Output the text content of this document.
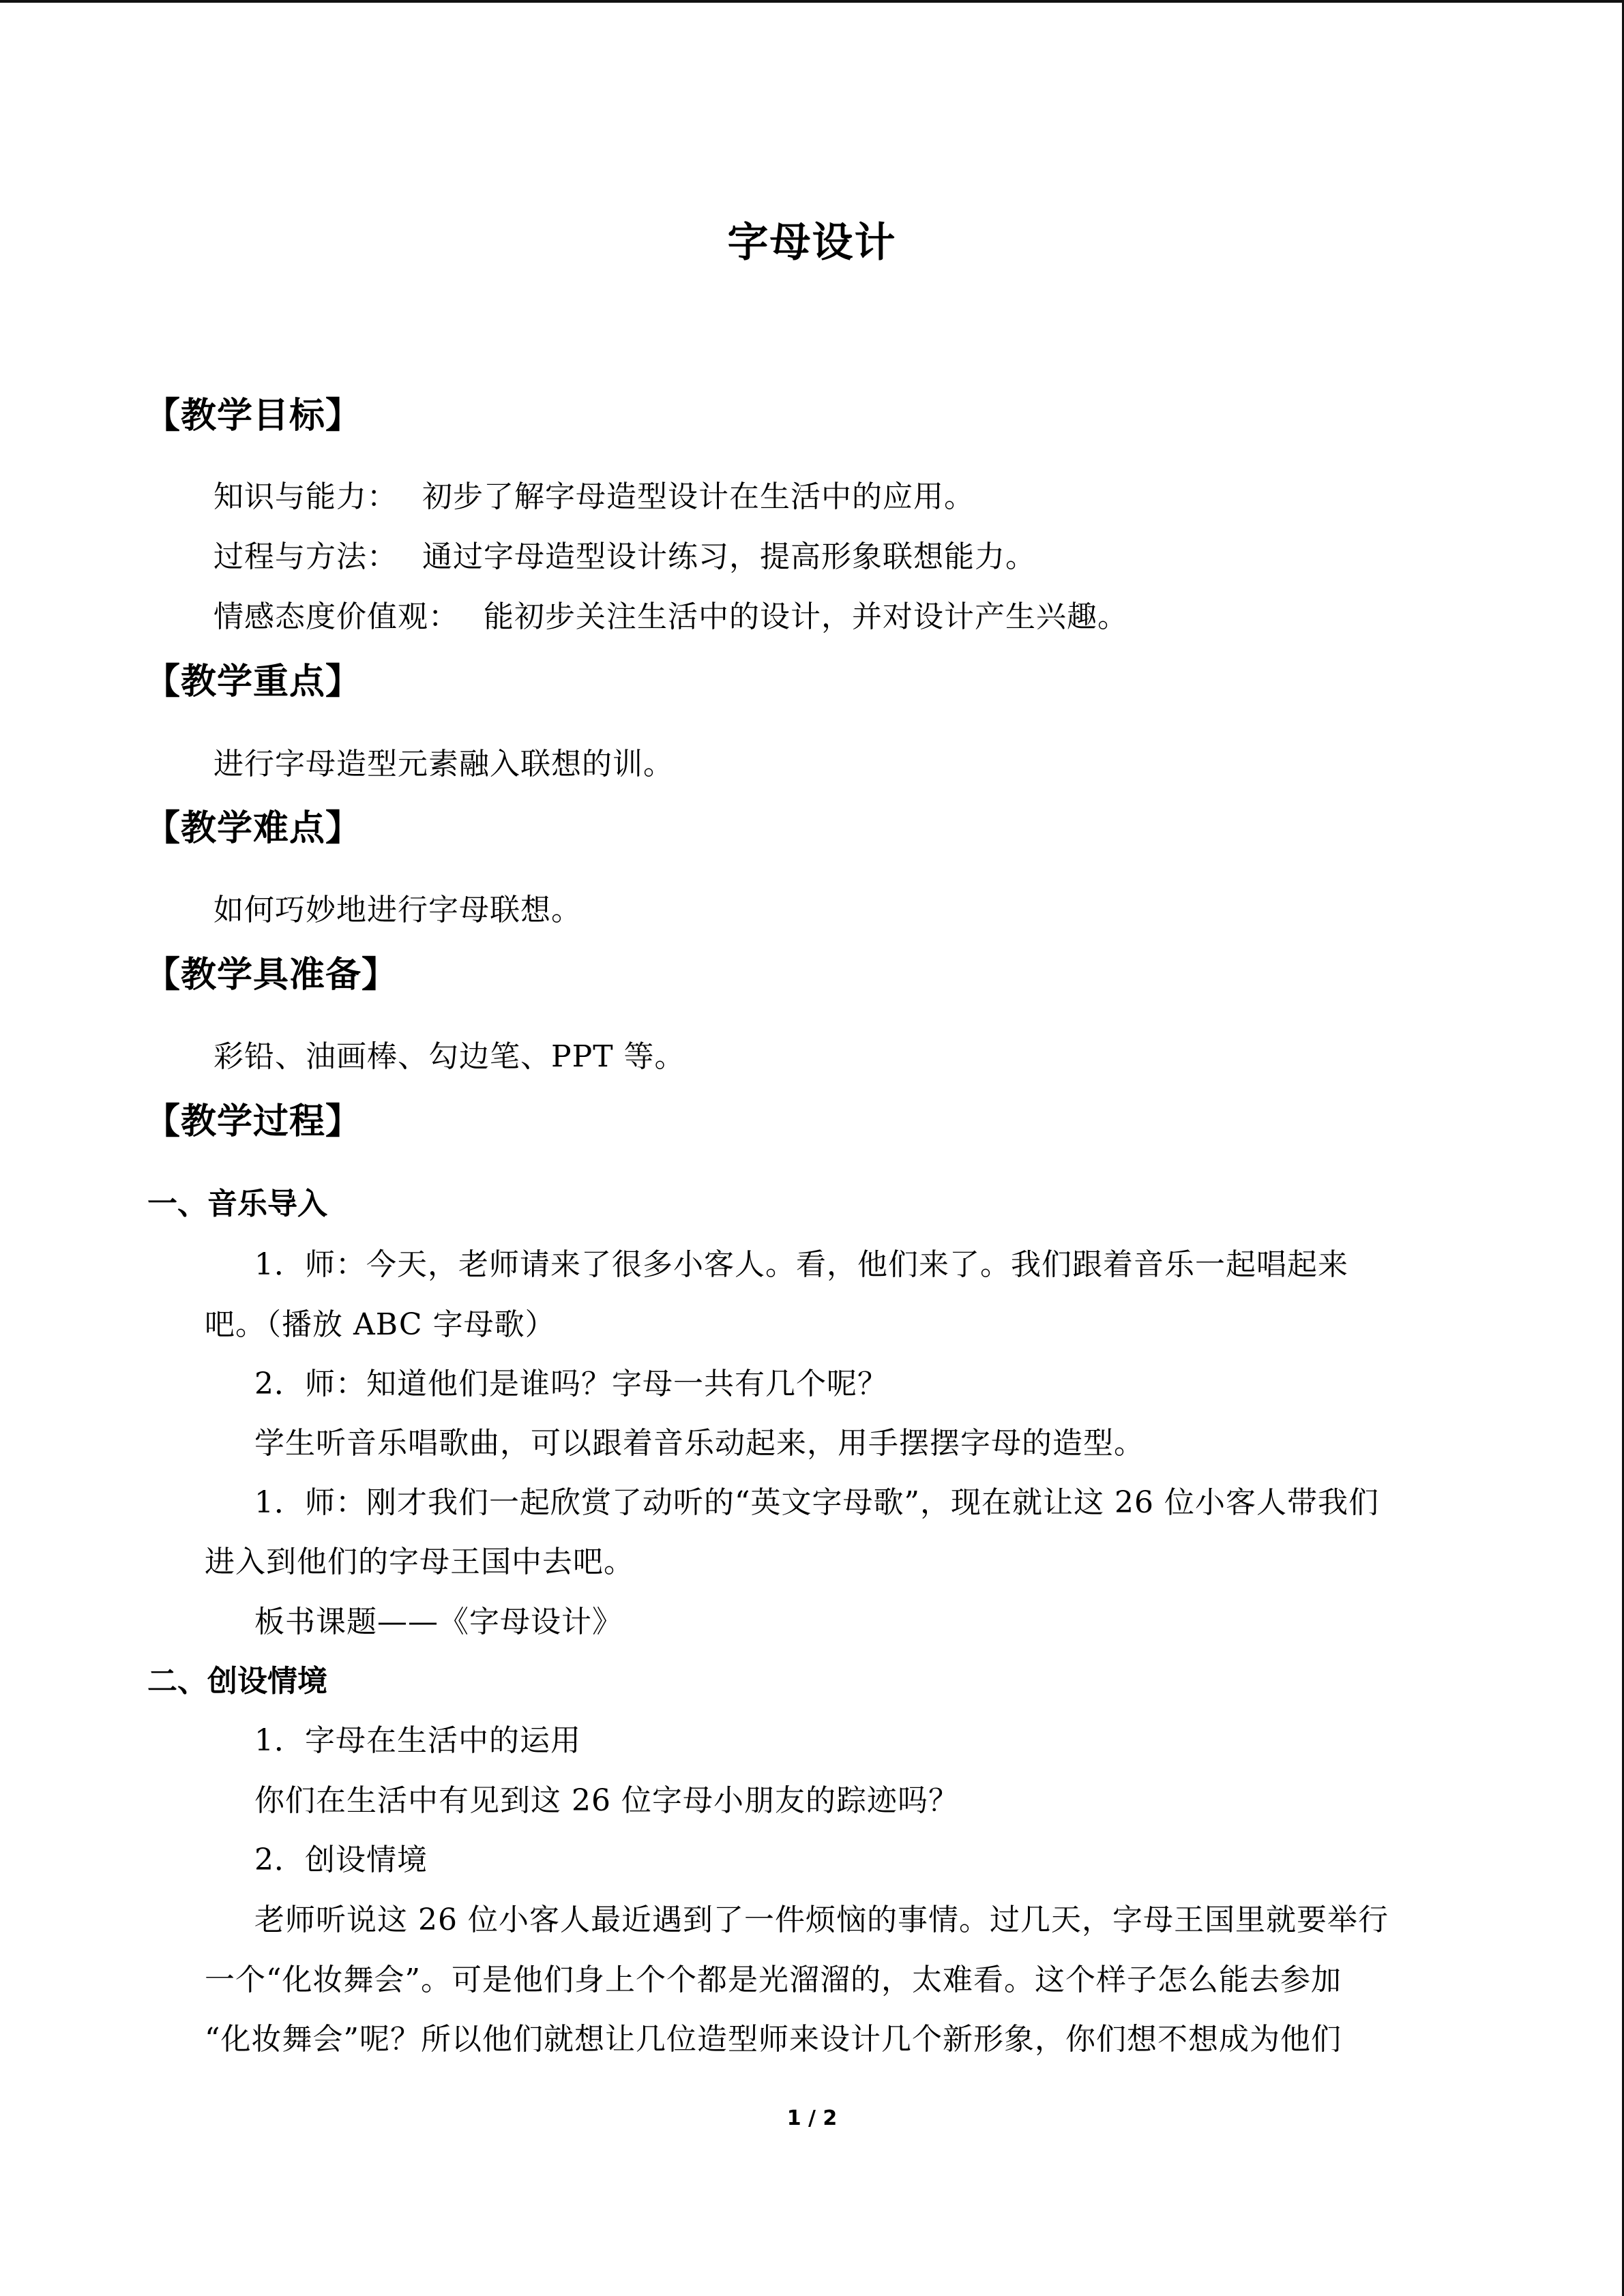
字母设计
【教学目标】
知识与能力： 初步了解字母造型设计在生活中的应用。
过程与方法： 通过字母造型设计练习，提高形象联想能力。
情感态度价值观： 能初步关注生活中的设计，并对设计产生兴趣。
【教学重点】
进行字母造型元素融入联想的训。
【教学难点】
如何巧妙地进行字母联想。
【教学具准备】
彩铅、油画棒、勾边笔、PPT 等。
【教学过程】
一、音乐导入
1．师：今天，老师请来了很多小客人。看，他们来了。我们跟着音乐一起唱起来
吧。（播放 ABC 字母歌）
2．师：知道他们是谁吗？字母一共有几个呢？
学生听音乐唱歌曲，可以跟着音乐动起来，用手摆摆字母的造型。
1．师：刚才我们一起欣赏了动听的“英文字母歌”，现在就让这 26 位小客人带我们
进入到他们的字母王国中去吧。
板书课题——《字母设计》
二、创设情境
1．字母在生活中的运用
你们在生活中有见到这 26 位字母小朋友的踪迹吗？
2．创设情境
老师听说这 26 位小客人最近遇到了一件烦恼的事情。过几天，字母王国里就要举行
一个“化妆舞会”。可是他们身上个个都是光溜溜的，太难看。这个样子怎么能去参加
“化妆舞会”呢？所以他们就想让几位造型师来设计几个新形象，你们想不想成为他们
1 / 2
